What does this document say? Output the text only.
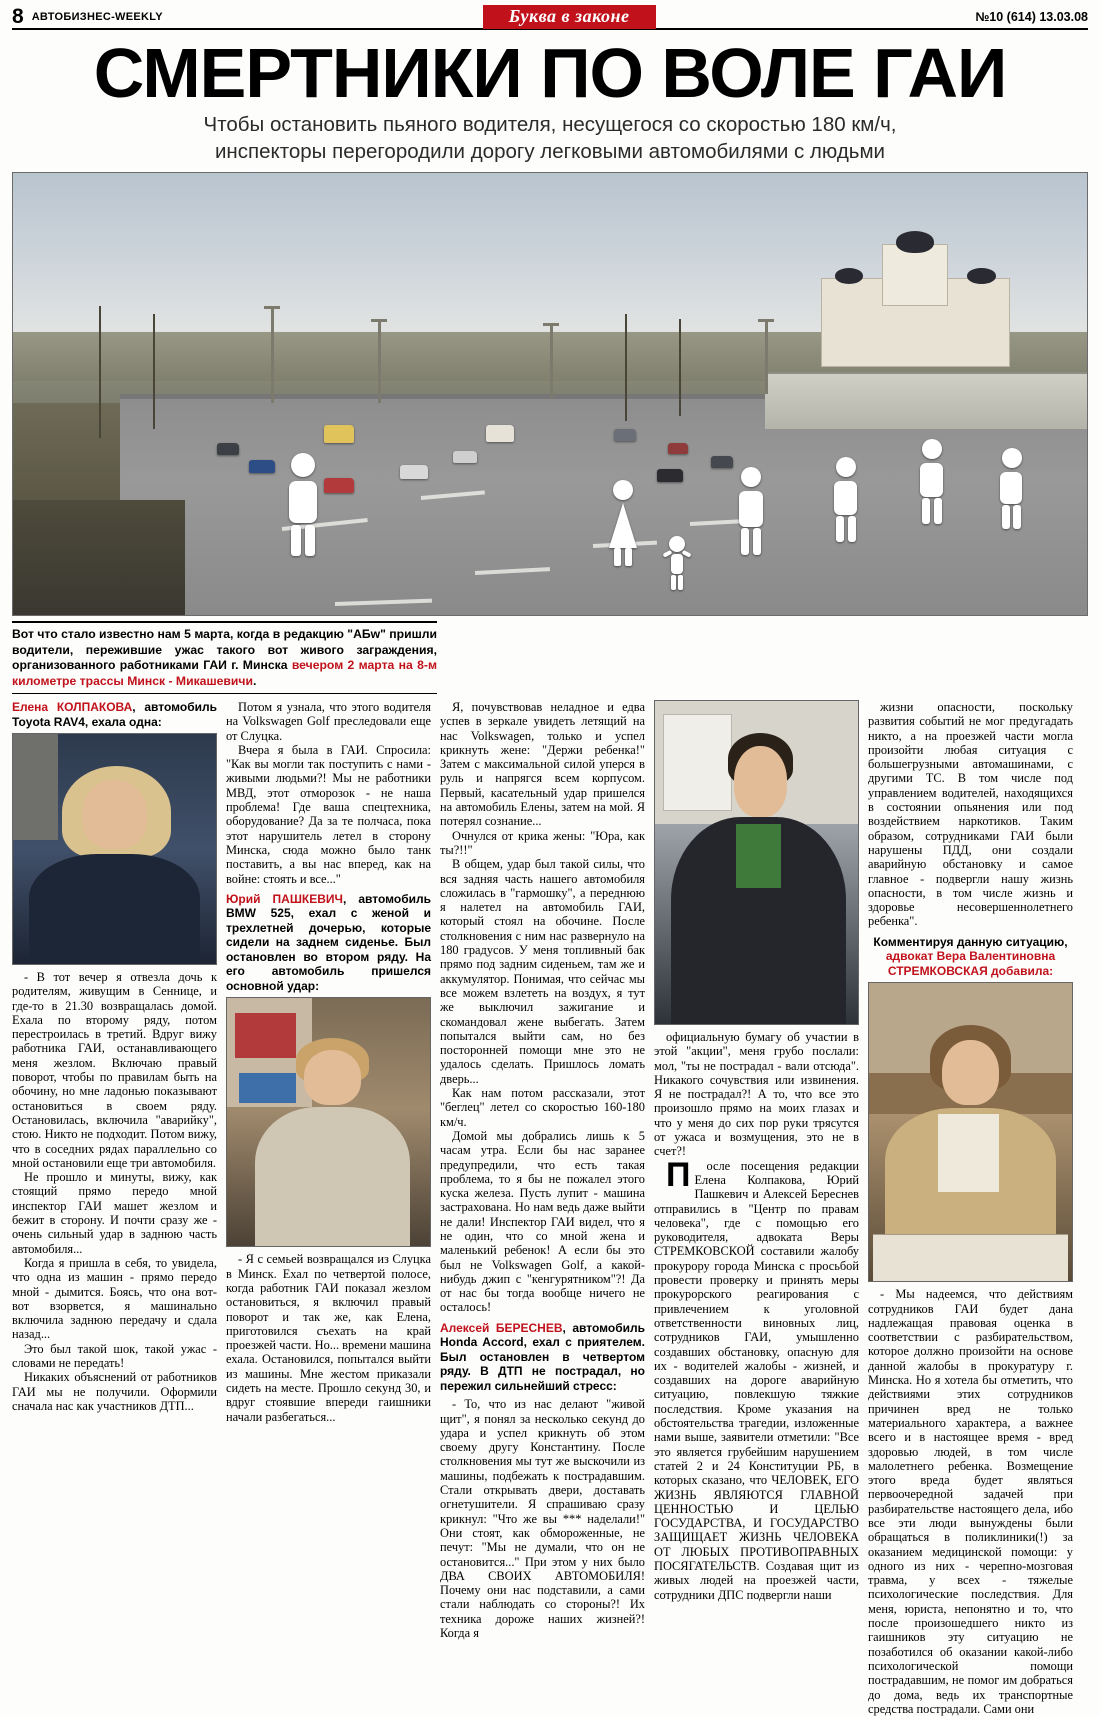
8 АВТОБИЗНЕС-WEEKLY	Буква в законе	№10 (614) 13.03.08
СМЕРТНИКИ ПО ВОЛЕ ГАИ
Чтобы остановить пьяного водителя, несущегося со скоростью 180 км/ч,
инспекторы перегородили дорогу легковыми автомобилями с людьми
Вот что стало известно нам 5 марта, когда в редакцию "АБw" пришли водители, пережившие ужас такого вот живого заграждения, организованного работниками ГАИ г. Минска вечером 2 марта на 8-м километре трассы Минск - Микашевичи.
Елена КОЛПАКОВА, автомобиль Toyota RAV4, ехала одна:

- В тот вечер я отвезла дочь к родителям, живущим в Сеннице, и где-то в 21.30 возвращалась домой. Ехала по второму ряду, потом перестроилась в третий. Вдруг вижу работника ГАИ, останавливающего меня жезлом. Включаю правый поворот, чтобы по правилам быть на обочину, но мне ладонью показывают остановиться в своем ряду. Остановилась, включила "аварийку", стою. Никто не подходит. Потом вижу, что в соседних рядах параллельно со мной остановили еще три автомобиля.

Не прошло и минуты, вижу, как стоящий прямо передо мной инспектор ГАИ машет жезлом и бежит в сторону. И почти сразу же - очень сильный удар в заднюю часть автомобиля...

Когда я пришла в себя, то увидела, что одна из машин - прямо передо мной - дымится. Боясь, что она вот-вот взорвется, я машинально включила заднюю передачу и сдала назад...

Это был такой шок, такой ужас - словами не передать!

Никаких объяснений от работников ГАИ мы не получили. Оформили сначала нас как участников ДТП...

Потом я узнала, что этого водителя на Volkswagen Golf преследовали еще от Слуцка.

Вчера я была в ГАИ. Спросила: "Как вы могли так поступить с нами - живыми людьми?! Мы не работники МВД, этот отморозок - не наша проблема! Где ваша спецтехника, оборудование? Да за те полчаса, пока этот нарушитель летел в сторону Минска, сюда можно было танк поставить, а вы нас вперед, как на войне: стоять и все..."

Юрий ПАШКЕВИЧ, автомобиль BMW 525, ехал с женой и трехлетней дочерью, которые сидели на заднем сиденье. Был остановлен во втором ряду. На его автомобиль пришелся основной удар:

- Я с семьей возвращался из Слуцка в Минск. Ехал по четвертой полосе, когда работник ГАИ показал жезлом остановиться, я включил правый поворот и так же, как Елена, приготовился съехать на край проезжей части. Но... времени машина ехала. Остановился, попытался выйти из машины. Мне жестом приказали сидеть на месте. Прошло секунд 30, и вдруг стоявшие впереди гаишники начали разбегаться...

Я, почувствовав неладное и едва успев в зеркале увидеть летящий на нас Volkswagen, только и успел крикнуть жене: "Держи ребенка!" Затем с максимальной силой уперся в руль и напрягся всем корпусом. Первый, касательный удар пришелся на автомобиль Елены, затем на мой. Я потерял сознание...

Очнулся от крика жены: "Юра, как ты?!!"

В общем, удар был такой силы, что вся задняя часть нашего автомобиля сложилась в "гармошку", а переднюю я налетел на автомобиль ГАИ, который стоял на обочине. После столкновения с ним нас развернуло на 180 градусов. У меня топливный бак прямо под задним сиденьем, там же и аккумулятор. Понимая, что сейчас мы все можем взлететь на воздух, я тут же выключил зажигание и скомандовал жене выбегать. Затем попытался выйти сам, но без посторонней помощи мне это не удалось сделать. Пришлось ломать дверь...

Как нам потом рассказали, этот "беглец" летел со скоростью 160-180 км/ч.

Домой мы добрались лишь к 5 часам утра. Если бы нас заранее предупредили, что есть такая проблема, то я бы не пожалел этого куска железа. Пусть лупит - машина застрахована. Но нам ведь даже выйти не дали! Инспектор ГАИ видел, что я не один, что со мной жена и маленький ребенок! А если бы это был не Volkswagen Golf, а какой-нибудь джип с "кенгурятником"?! Да от нас бы тогда вообще ничего не осталось!

Алексей БЕРЕСНЕВ, автомобиль Honda Accord, ехал с приятелем. Был остановлен в четвертом ряду. В ДТП не пострадал, но пережил сильнейший стресс:

- То, что из нас делают "живой щит", я понял за несколько секунд до удара и успел крикнуть об этом своему другу Константину. После столкновения мы тут же выскочили из машины, подбежать к пострадавшим. Стали открывать двери, доставать огнетушители. Я спрашиваю сразу крикнул: "Что же вы *** наделали!" Они стоят, как обмороженные, не печут: "Мы не думали, что он не остановится..." При этом у них было ДВА СВОИХ АВТОМОБИЛЯ! Почему они нас подставили, а сами стали наблюдать со стороны?! Их техника дороже наших жизней?! Когда я

официальную бумагу об участии в этой "акции", меня грубо послали: мол, "ты не пострадал - вали отсюда". Никакого сочувствия или извинения. Я не пострадал?! А то, что все это произошло прямо на моих глазах и что у меня до сих пор руки трясутся от ужаса и возмущения, это не в счет?!

П	осле посещения редакции Елена Колпакова, Юрий Пашкевич и Алексей Береснев отправились в "Центр по правам человека", где с помощью его руководителя, адвоката Веры СТРЕМКОВСКОЙ составили жалобу прокурору города Минска с просьбой провести проверку и принять меры прокурорского реагирования с привлечением к уголовной ответственности виновных лиц, сотрудников ГАИ, умышленно создавших обстановку, опасную для их - водителей жалобы - жизней, и создавших на дороге аварийную ситуацию, повлекшую тяжкие последствия. Кроме указания на обстоятельства трагедии, изложенные нами выше, заявители отметили: "Все это является грубейшим нарушением статей 2 и 24 Конституции РБ, в которых сказано, что ЧЕЛОВЕК, ЕГО ЖИЗНЬ ЯВЛЯЮТСЯ ГЛАВНОЙ ЦЕННОСТЬЮ И ЦЕЛЬЮ ГОСУДАРСТВА, И ГОСУДАРСТВО ЗАЩИЩАЕТ ЖИЗНЬ ЧЕЛОВЕКА ОТ ЛЮБЫХ ПРОТИВОПРАВНЫХ ПОСЯГАТЕЛЬСТВ. Создавая щит из живых людей на проезжей части, сотрудники ДПС подвергли наши

жизни опасности, поскольку развития событий не мог предугадать никто, а на проезжей части могла произойти любая ситуация с большегрузными автомашинами, с другими ТС. В том числе под управлением водителей, находящихся в состоянии опьянения или под воздействием наркотиков. Таким образом, сотрудниками ГАИ были нарушены ПДД, они создали аварийную обстановку и самое главное - подвергли нашу жизнь опасности, в том числе жизнь и здоровье несовершеннолетнего ребенка".

Комментируя данную ситуацию, адвокат Вера Валентиновна СТРЕМКОВСКАЯ добавила:

- Мы надеемся, что действиям сотрудников ГАИ будет дана надлежащая правовая оценка в соответствии с разбирательством, которое должно произойти на основе данной жалобы в прокуратуру г. Минска. Но я хотела бы отметить, что действиями этих сотрудников причинен вред не только материального характера, а важнее всего и в настоящее время - вред здоровью людей, в том числе малолетнего ребенка. Возмещение этого вреда будет являться первоочередной задачей при разбирательстве настоящего дела, ибо все эти люди вынуждены были обращаться в поликлиники(!) за оказанием медицинской помощи: у одного из них - черепно-мозговая травма, у всех - тяжелые психологические последствия. Для меня, юриста, непонятно и то, что после произошедшего никто из гаишников эту ситуацию не позаботился об оказании какой-либо психологической помощи пострадавшим, не помог им добраться до дома, ведь их транспортные средства пострадали. Сами они
